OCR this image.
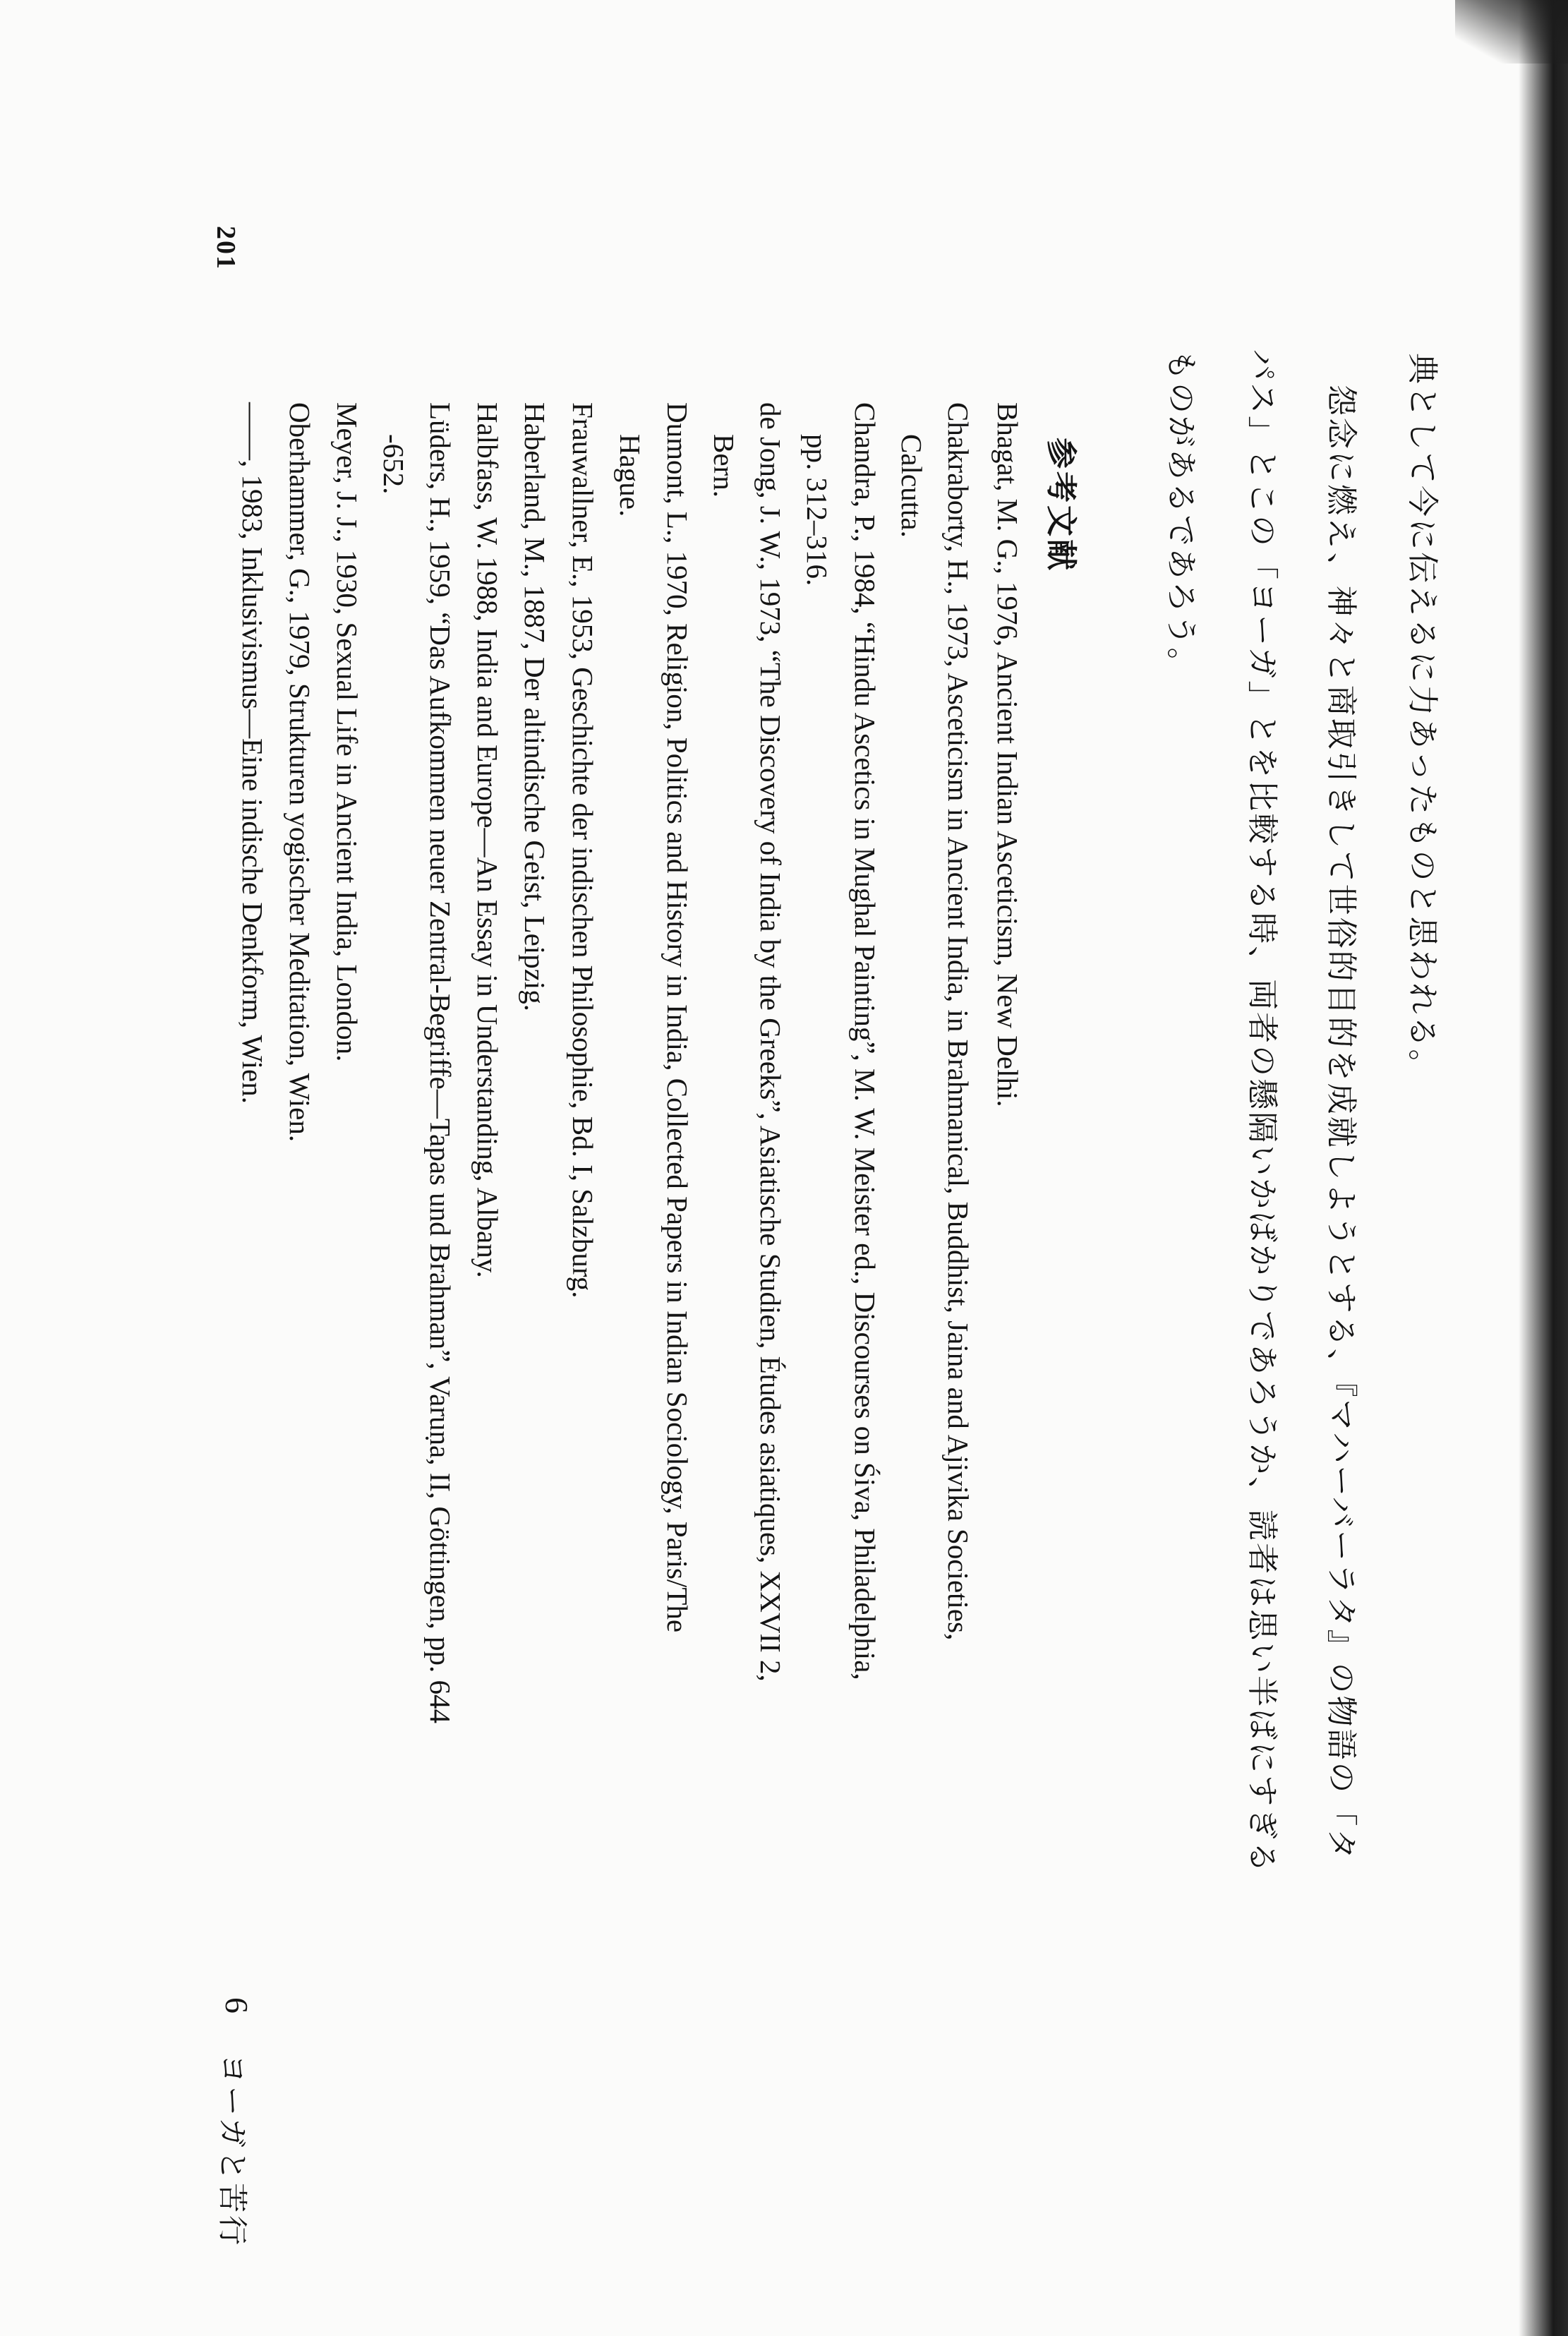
201
典として今に伝えるに力あったものと思われる。
怨念に燃え、神々と商取引きして世俗的目的を成就しようとする、『マハーバーラタ』の物語の「タ
パス」とこの「ヨーガ」とを比較する時、両者の懸隔いかばかりであろうか、読者は思い半ばにすぎる
ものがあるであろう。
参考文献
Bhagat, M. G., 1976, Ancient Indian Asceticism, New Delhi.
Chakraborty, H., 1973, Asceticism in Ancient India, in Brahmanical, Buddhist, Jaina and Ajivika Societies,
Calcutta.
Chandra, P., 1984, “Hindu Ascetics in Mughal Painting”, M. W. Meister ed., Discourses on Śiva, Philadelphia,
pp. 312–316.
de Jong, J. W., 1973, “The Discovery of India by the Greeks”, Asiatische Studien, Études asiatiques, XXVII 2,
Bern.
Dumont, L., 1970, Religion, Politics and History in India, Collected Papers in Indian Sociology, Paris/The
Hague.
Frauwallner, E., 1953, Geschichte der indischen Philosophie, Bd. I, Salzburg.
Haberland, M., 1887, Der altindische Geist, Leipzig.
Halbfass, W. 1988, India and Europe—An Essay in Understanding, Albany.
Lüders, H., 1959, “Das Aufkommen neuer Zentral-Begriffe—Tapas und Brahman”, Varuṇa, II, Göttingen, pp. 644
-652.
Meyer, J. J., 1930, Sexual Life in Ancient India, London.
Oberhammer, G., 1979, Strukturen yogischer Meditation, Wien.
——, 1983, Inklusivismus—Eine indische Denkform, Wien.
6
ヨーガと苦行
